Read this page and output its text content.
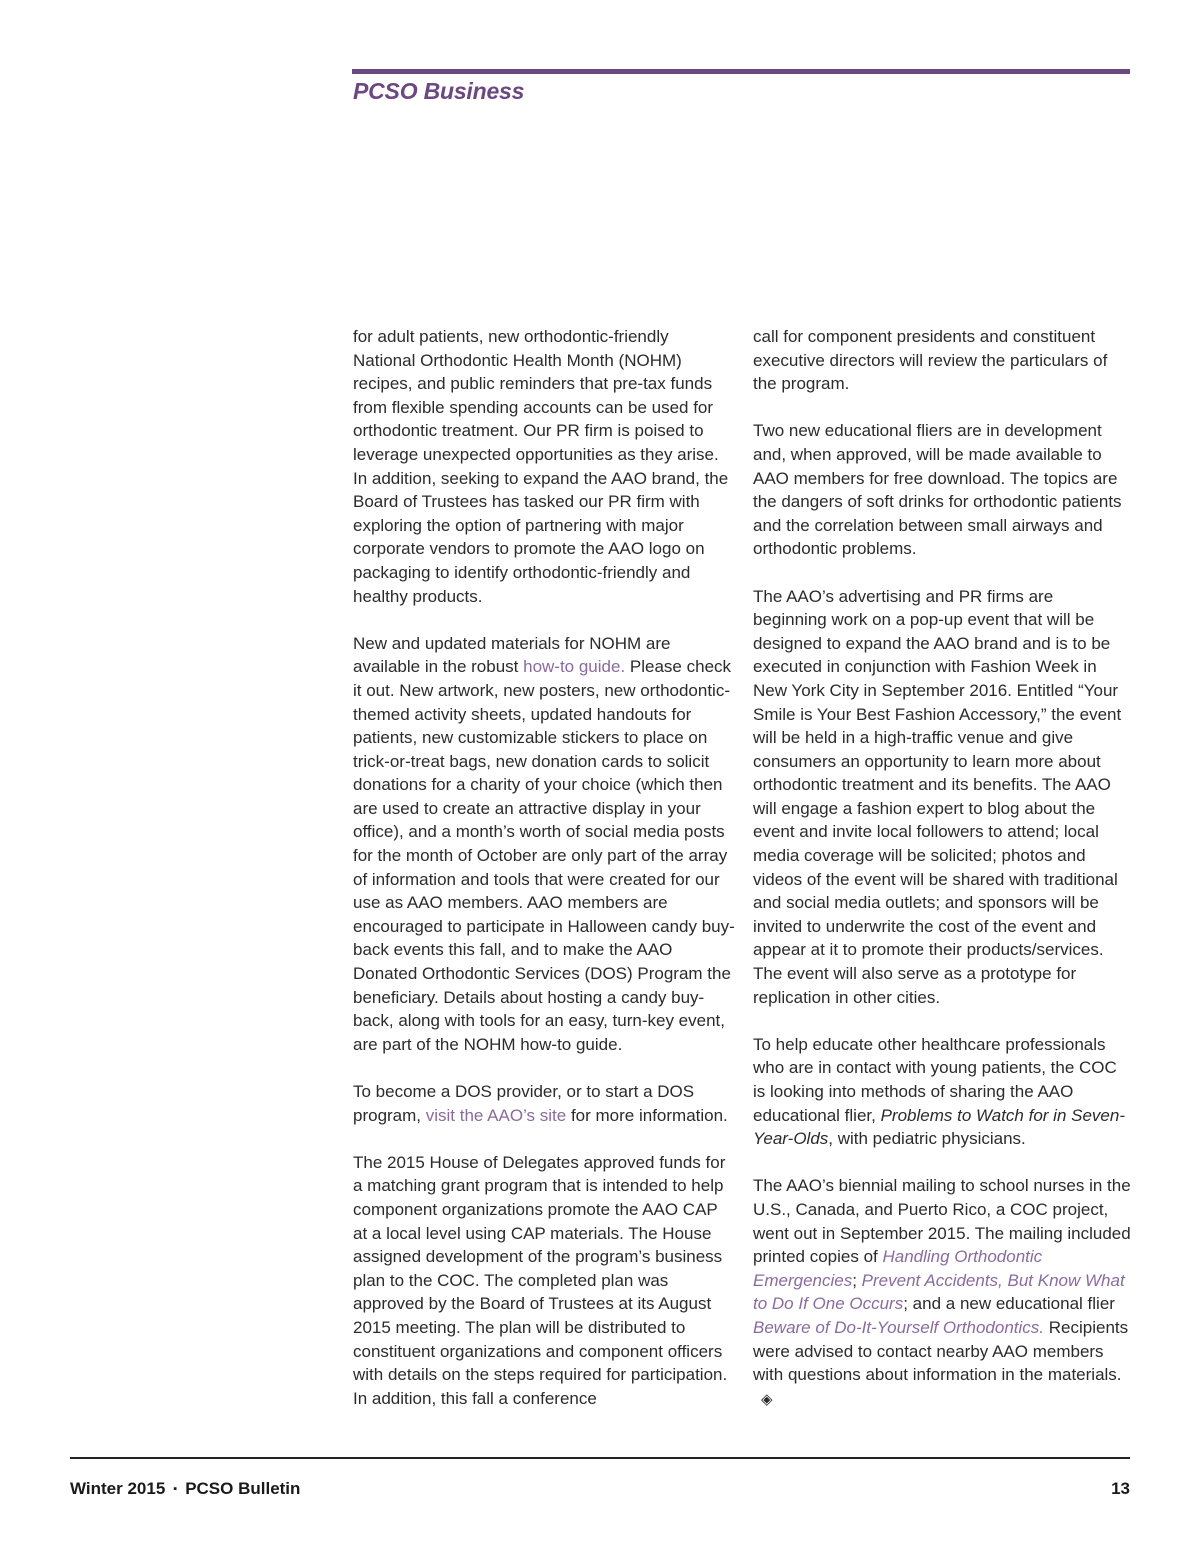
PCSO Business

for adult patients, new orthodontic-friendly National Orthodontic Health Month (NOHM) recipes, and public reminders that pre-tax funds from flexible spending accounts can be used for orthodontic treatment. Our PR firm is poised to leverage unexpected opportunities as they arise. In addition, seeking to expand the AAO brand, the Board of Trustees has tasked our PR firm with exploring the option of partnering with major corporate vendors to promote the AAO logo on packaging to identify orthodontic-friendly and healthy products.

New and updated materials for NOHM are available in the robust how-to guide. Please check it out. New artwork, new posters, new orthodontic-themed activity sheets, updated handouts for patients, new customizable stickers to place on trick-or-treat bags, new donation cards to solicit donations for a charity of your choice (which then are used to create an attractive display in your office), and a month’s worth of social media posts for the month of October are only part of the array of information and tools that were created for our use as AAO members. AAO members are encouraged to participate in Halloween candy buy-back events this fall, and to make the AAO Donated Orthodontic Services (DOS) Program the beneficiary. Details about hosting a candy buy-back, along with tools for an easy, turn-key event, are part of the NOHM how-to guide.

To become a DOS provider, or to start a DOS program, visit the AAO’s site for more information.

The 2015 House of Delegates approved funds for a matching grant program that is intended to help component organizations promote the AAO CAP at a local level using CAP materials. The House assigned development of the program’s business plan to the COC. The completed plan was approved by the Board of Trustees at its August 2015 meeting. The plan will be distributed to constituent organizations and component officers with details on the steps required for participation. In addition, this fall a conference

call for component presidents and constituent executive directors will review the particulars of the program.

Two new educational fliers are in development and, when approved, will be made available to AAO members for free download. The topics are the dangers of soft drinks for orthodontic patients and the correlation between small airways and orthodontic problems.

The AAO’s advertising and PR firms are beginning work on a pop-up event that will be designed to expand the AAO brand and is to be executed in conjunction with Fashion Week in New York City in September 2016. Entitled “Your Smile is Your Best Fashion Accessory,” the event will be held in a high-traffic venue and give consumers an opportunity to learn more about orthodontic treatment and its benefits. The AAO will engage a fashion expert to blog about the event and invite local followers to attend; local media coverage will be solicited; photos and videos of the event will be shared with traditional and social media outlets; and sponsors will be invited to underwrite the cost of the event and appear at it to promote their products/services. The event will also serve as a prototype for replication in other cities.

To help educate other healthcare professionals who are in contact with young patients, the COC is looking into methods of sharing the AAO educational flier, Problems to Watch for in Seven-Year-Olds, with pediatric physicians.

The AAO’s biennial mailing to school nurses in the U.S., Canada, and Puerto Rico, a COC project, went out in September 2015. The mailing included printed copies of Handling Orthodontic Emergencies; Prevent Accidents, But Know What to Do If One Occurs; and a new educational flier Beware of Do-It-Yourself Orthodontics. Recipients were advised to contact nearby AAO members with questions about information in the materials.◈

Winter 2015 ▪ PCSO Bulletin	13
